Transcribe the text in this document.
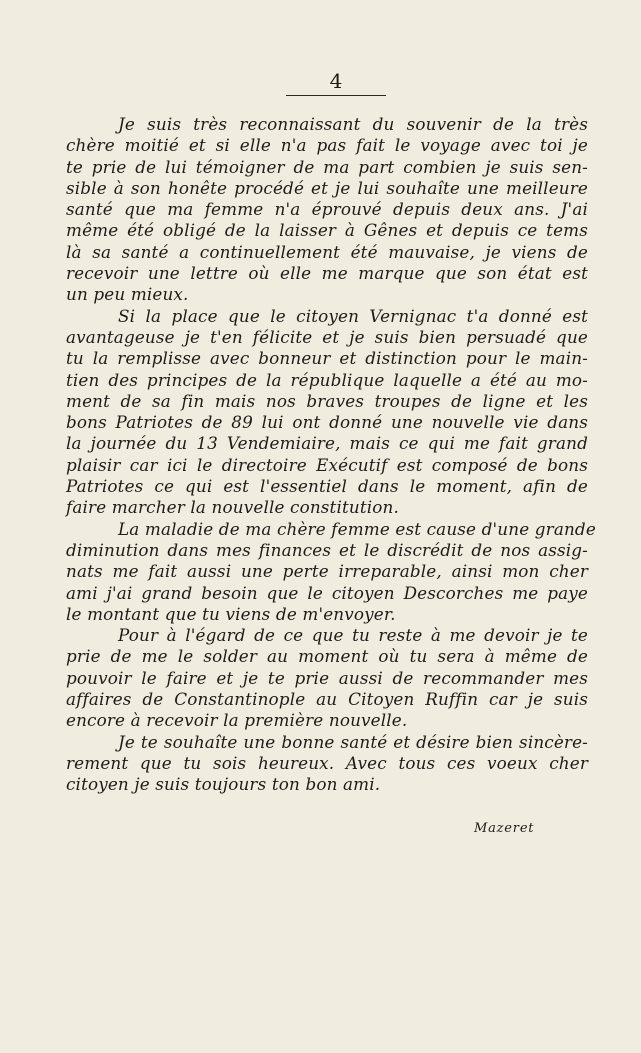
4
Je suis très reconnaissant du souvenir de la très
chère moitié et si elle n'a pas fait le voyage avec toi je
te prie de lui témoigner de ma part combien je suis sen-
sible à son honête procédé et je lui souhaîte une meilleure
santé que ma femme n'a éprouvé depuis deux ans. J'ai
même été obligé de la laisser à Gênes et depuis ce tems
là sa santé a continuellement été mauvaise, je viens de
recevoir une lettre où elle me marque que son état est
un peu mieux.
Si la place que le citoyen Vernignac t'a donné est
avantageuse je t'en félicite et je suis bien persuadé que
tu la remplisse avec bonneur et distinction pour le main-
tien des principes de la république laquelle a été au mo-
ment de sa fin mais nos braves troupes de ligne et les
bons Patriotes de 89 lui ont donné une nouvelle vie dans
la journée du 13 Vendemiaire, mais ce qui me fait grand
plaisir car ici le directoire Exécutif est composé de bons
Patriotes ce qui est l'essentiel dans le moment, afin de
faire marcher la nouvelle constitution.
La maladie de ma chère femme est cause d'une grande
diminution dans mes finances et le discrédit de nos assig-
nats me fait aussi une perte irreparable, ainsi mon cher
ami j'ai grand besoin que le citoyen Descorches me paye
le montant que tu viens de m'envoyer.
Pour à l'égard de ce que tu reste à me devoir je te
prie de me le solder au moment où tu sera à même de
pouvoir le faire et je te prie aussi de recommander mes
affaires de Constantinople au Citoyen Ruffin car je suis
encore à recevoir la première nouvelle.
Je te souhaîte une bonne santé et désire bien sincère-
rement que tu sois heureux. Avec tous ces voeux cher
citoyen je suis toujours ton bon ami.
Mazeret
